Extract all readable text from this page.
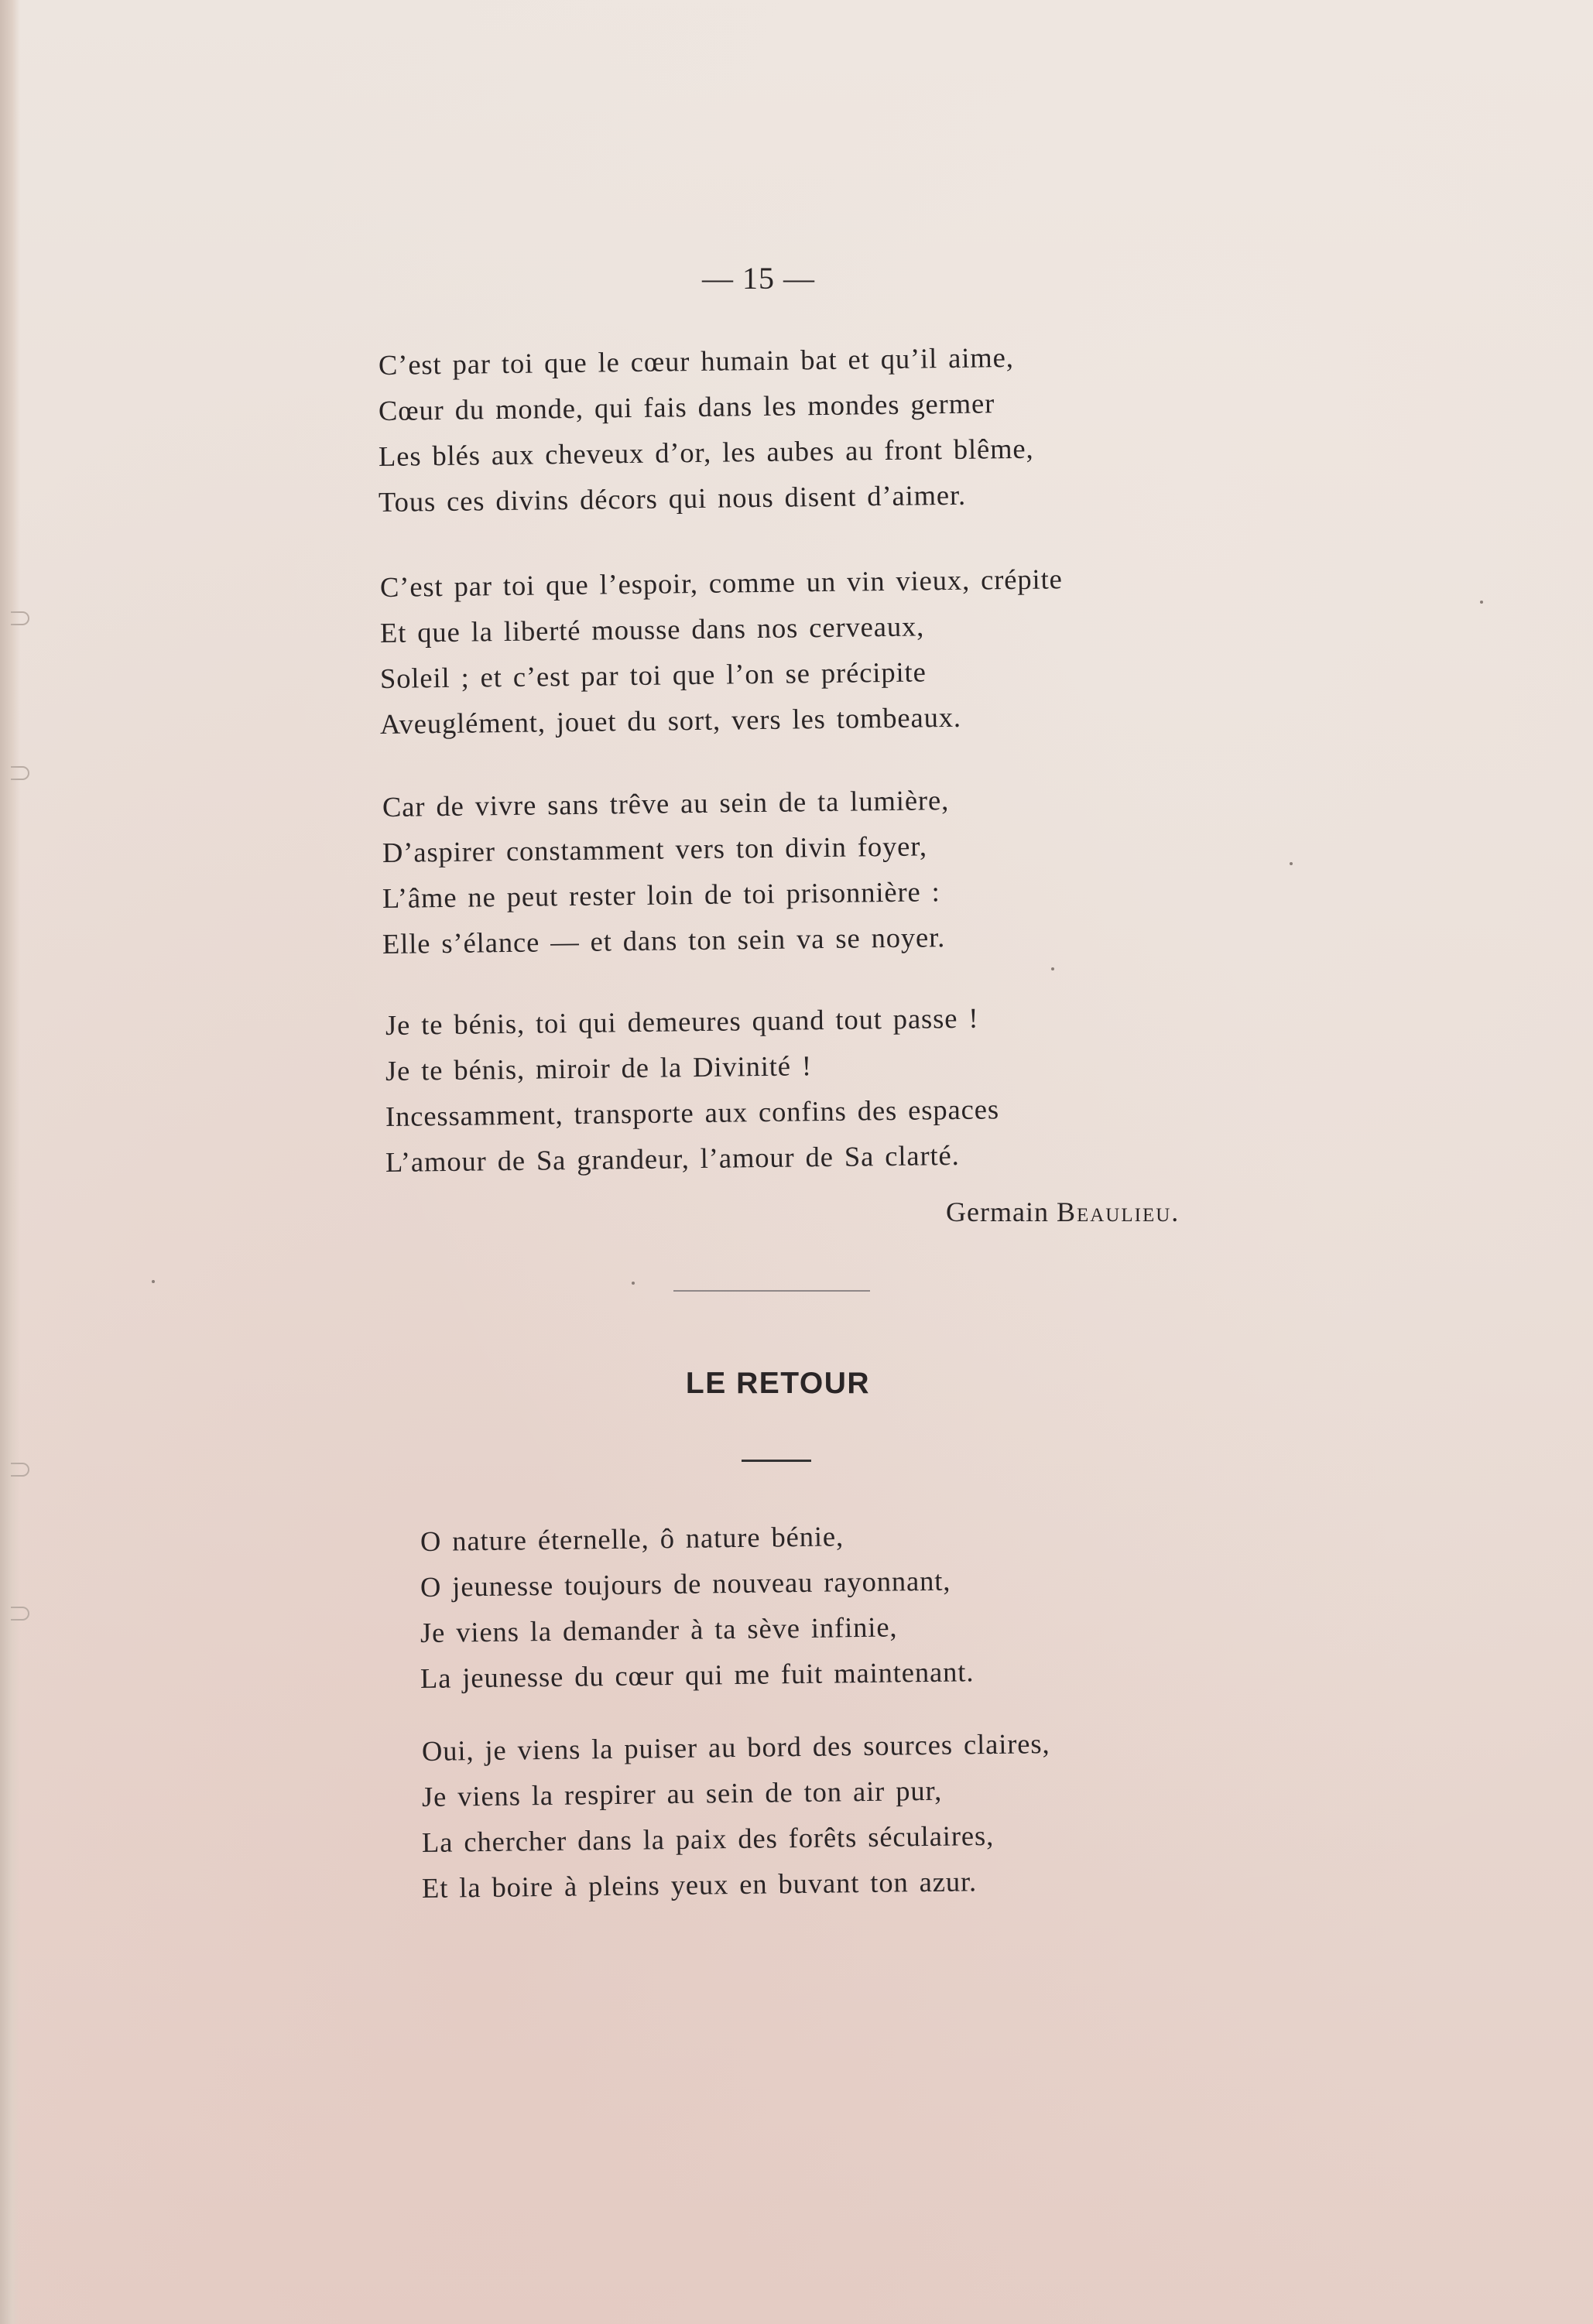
— 15 —
C’est par toi que le cœur humain bat et qu’il aime,
Cœur du monde, qui fais dans les mondes germer
Les blés aux cheveux d’or, les aubes au front blême,
Tous ces divins décors qui nous disent d’aimer.
C’est par toi que l’espoir, comme un vin vieux, crépite
Et que la liberté mousse dans nos cerveaux,
Soleil ; et c’est par toi que l’on se précipite
Aveuglément, jouet du sort, vers les tombeaux.
Car de vivre sans trêve au sein de ta lumière,
D’aspirer constamment vers ton divin foyer,
L’âme ne peut rester loin de toi prisonnière :
Elle s’élance — et dans ton sein va se noyer.
Je te bénis, toi qui demeures quand tout passe !
Je te bénis, miroir de la Divinité !
Incessamment, transporte aux confins des espaces
L’amour de Sa grandeur, l’amour de Sa clarté.
Germain Beaulieu.
LE RETOUR
O nature éternelle, ô nature bénie,
O jeunesse toujours de nouveau rayonnant,
Je viens la demander à ta sève infinie,
La jeunesse du cœur qui me fuit maintenant.
Oui, je viens la puiser au bord des sources claires,
Je viens la respirer au sein de ton air pur,
La chercher dans la paix des forêts séculaires,
Et la boire à pleins yeux en buvant ton azur.
